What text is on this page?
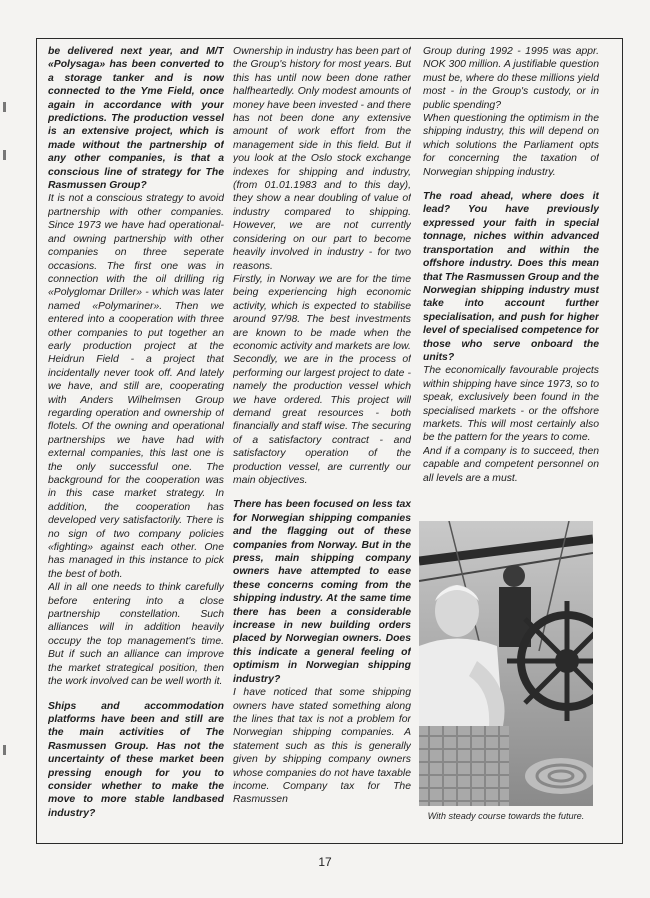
be delivered next year, and M/T «Polysaga» has been converted to a storage tanker and is now connected to the Yme Field, once again in accordance with your predictions. The production vessel is an extensive project, which is made without the partnership of any other companies, is that a conscious line of strategy for The Rasmussen Group?

It is not a conscious strategy to avoid partnership with other companies. Since 1973 we have had operational- and owning partnership with other companies on three seperate occasions. The first one was in connection with the oil drilling rig «Polyglomar Driller» - which was later named «Polymariner». Then we entered into a cooperation with three other companies to put together an early production project at the Heidrun Field - a project that incidentally never took off. And lately we have, and still are, cooperating with Anders Wilhelmsen Group regarding operation and ownership of flotels. Of the owning and operational partnerships we have had with external companies, this last one is the only successful one. The background for the cooperation was in this case market strategy. In addition, the cooperation has developed very satisfactorily. There is no sign of two company policies «fighting» against each other. One has managed in this instance to pick the best of both.

All in all one needs to think carefully before entering into a close partnership constellation. Such alliances will in addition heavily occupy the top management's time. But if such an alliance can improve the market strategical position, then the work involved can be well worth it.

Ships and accommodation platforms have been and still are the main activities of The Rasmussen Group. Has not the uncertainty of these market been pressing enough for you to consider whether to make the move to more stable landbased industry?

Ownership in industry has been part of the Group's history for most years. But this has until now been done rather halfheartedly. Only modest amounts of money have been invested - and there has not been done any extensive amount of work effort from the management side in this field. But if you look at the Oslo stock exchange indexes for shipping and industry, (from 01.01.1983 and to this day), they show a near doubling of value of industry compared to shipping. However, we are not currently considering on our part to become heavily involved in industry - for two reasons.

Firstly, in Norway we are for the time being experiencing high economic activity, which is expected to stabilise around 97/98. The best investments are known to be made when the economic activity and markets are low.

Secondly, we are in the process of performing our largest project to date - namely the production vessel which we have ordered. This project will demand great resources - both financially and staff wise. The securing of a satisfactory contract - and satisfactory operation of the production vessel, are currently our main objectives.

There has been focused on less tax for Norwegian shipping companies and the flagging out of these companies from Norway. But in the press, main shipping company owners have attempted to ease these concerns coming from the shipping industry. At the same time there has been a considerable increase in new building orders placed by Norwegian owners. Does this indicate a general feeling of optimism in Norwegian shipping industry?

I have noticed that some shipping owners have stated something along the lines that tax is not a problem for Norwegian shipping companies. A statement such as this is generally given by shipping company owners whose companies do not have taxable income. Company tax for The Rasmussen

Group during 1992 - 1995 was appr. NOK 300 million. A justifiable question must be, where do these millions yield most - in the Group's custody, or in public spending?

When questioning the optimism in the shipping industry, this will depend on which solutions the Parliament opts for concerning the taxation of Norwegian shipping industry.

The road ahead, where does it lead? You have previously expressed your faith in special tonnage, niches within advanced transportation and within the offshore industry. Does this mean that The Rasmussen Group and the Norwegian shipping industry must take into account further specialisation, and push for higher level of specialised competence for those who serve onboard the units?

The economically favourable projects within shipping have since 1973, so to speak, exclusively been found in the specialised markets - or the offshore markets. This will most certainly also be the pattern for the years to come.

And if a company is to succeed, then capable and competent personnel on all levels are a must.

With steady course towards the future.
17
